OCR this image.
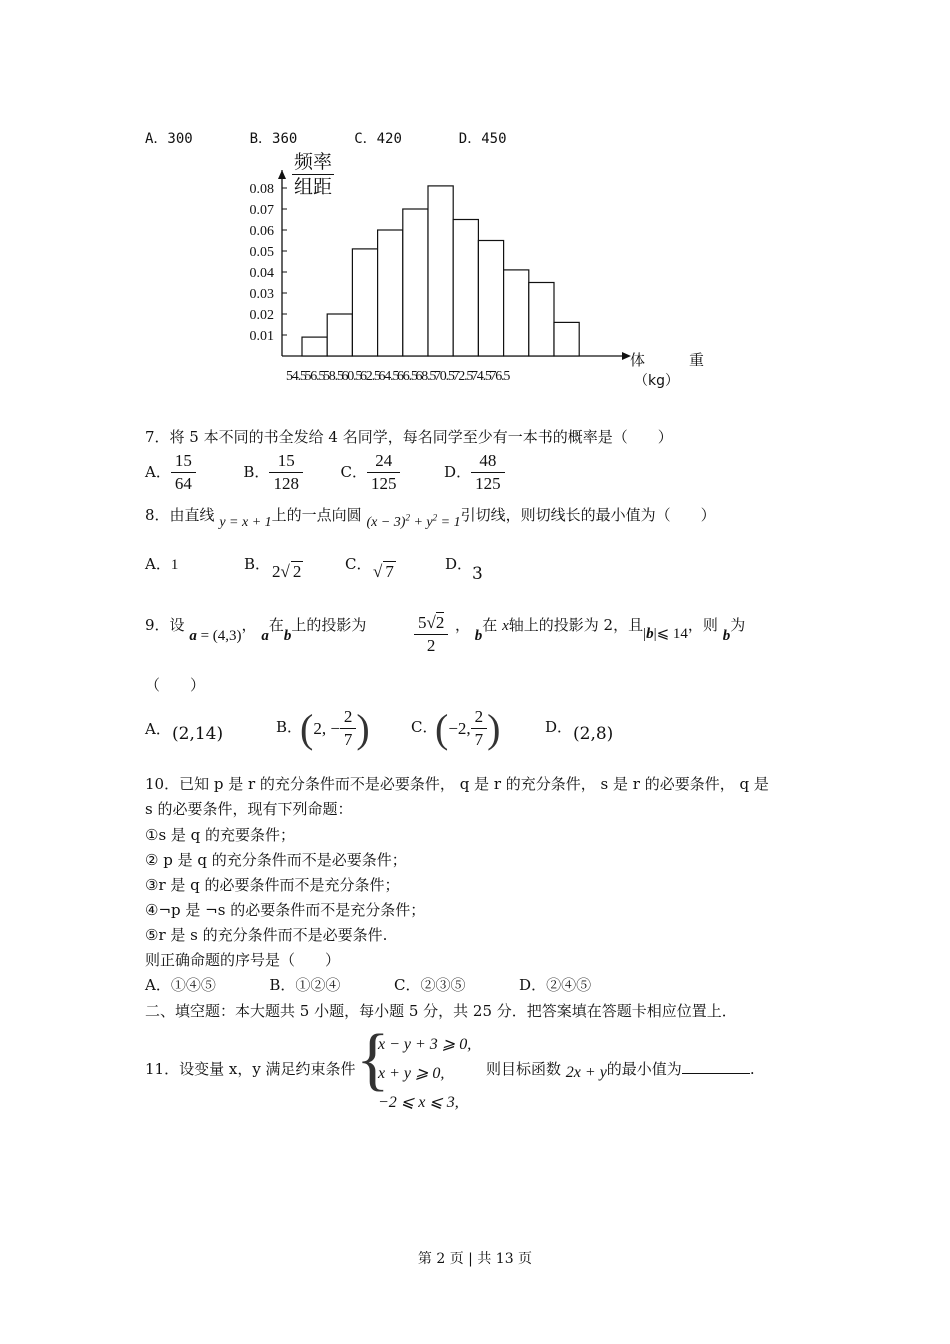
A．300	B．360	C．420	D．450
0.08
0.07
0.06
0.05
0.04
0.03
0.02
0.01
频率
组距
体	重
（kg）
54.5 56.5 58.5 60.5 62.5 64.5 66.5 68.5 70.5 72.5 74.5 76.5
7．将 5 本不同的书全发给 4 名同学，每名同学至少有一本书的概率是（　　）
A． $\frac{15}{64}$	B． $\frac{15}{128}$	C． $\frac{24}{125}$	D． $\frac{48}{125}$
8．由直线 y = x + 1上的一点向圆 $(x - 3)^2 + y^2 = 1$引切线，则切线长的最小值为（　　）
A．1	B． 2√ 2	C． √ 7	D． 3
9．设 a = (4,3)， a在b上的投影为	$\frac{5√2}{2}$ ， b在 x轴上的投影为 2，且|b|⩽ 14，则 b为
（　　）
A． (2,14)	B．
( 2, − $\frac{2}{7}$ )	C．
( −2, $\frac{2}{7}$ )	D． (2,8)
10．已知 p 是 r 的充分条件而不是必要条件， q 是 r 的充分条件， s 是 r 的必要条件， q 是
s 的必要条件，现有下列命题：
①s 是 q 的充要条件；
② p 是 q 的充分条件而不是必要条件；
③r 是 q 的必要条件而不是充分条件；
④¬p 是 ¬s 的必要条件而不是充分条件；
⑤r 是 s 的充分条件而不是必要条件.
则正确命题的序号是（　　）
A．①④⑤	B．①②④	C．②③⑤	D．②④⑤
二、填空题：本大题共 5 小题，每小题 5 分，共 25 分．把答案填在答题卡相应位置上．
11．设变量 x，y 满足约束条件 {
x − y + 3 ⩾ 0,
x + y ⩾ 0,
−2 ⩽ x ⩽ 3,
则目标函数 2x + y的最小值为	.
第 2 页 | 共 13 页
